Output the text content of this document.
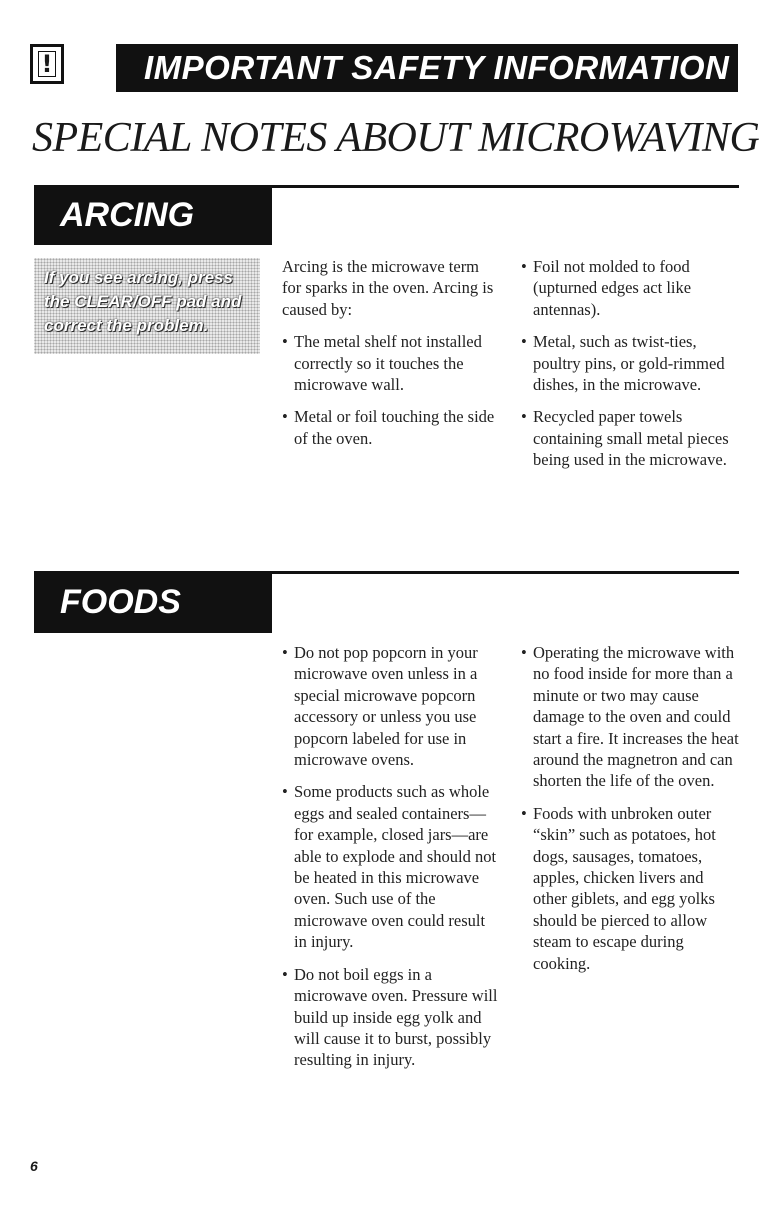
!	IMPORTANT SAFETY INFORMATION
SPECIAL NOTES ABOUT MICROWAVING
ARCING
If you see arcing, press the CLEAR/OFF pad and correct the problem.

Arcing is the microwave term for sparks in the oven. Arcing is caused by:

• The metal shelf not installed correctly so it touches the microwave wall.
• Metal or foil touching the side of the oven.
• Foil not molded to food (upturned edges act like antennas).
• Metal, such as twist-ties, poultry pins, or gold-rimmed dishes, in the microwave.
• Recycled paper towels containing small metal pieces being used in the microwave.
FOODS
• Do not pop popcorn in your microwave oven unless in a special microwave popcorn accessory or unless you use popcorn labeled for use in microwave ovens.
• Some products such as whole eggs and sealed containers—for example, closed jars—are able to explode and should not be heated in this microwave oven. Such use of the microwave oven could result in injury.
• Do not boil eggs in a microwave oven. Pressure will build up inside egg yolk and will cause it to burst, possibly resulting in injury.
• Operating the microwave with no food inside for more than a minute or two may cause damage to the oven and could start a fire. It increases the heat around the magnetron and can shorten the life of the oven.
• Foods with unbroken outer “skin” such as potatoes, hot dogs, sausages, tomatoes, apples, chicken livers and other giblets, and egg yolks should be pierced to allow steam to escape during cooking.
6
